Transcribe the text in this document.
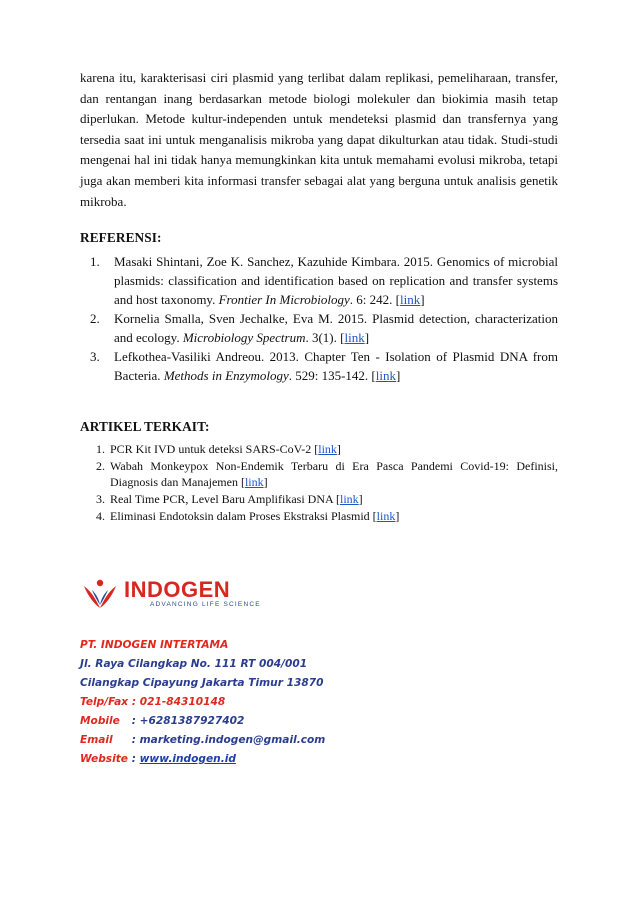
karena itu, karakterisasi ciri plasmid yang terlibat dalam replikasi, pemeliharaan, transfer, dan rentangan inang berdasarkan metode biologi molekuler dan biokimia masih tetap diperlukan. Metode kultur-independen untuk mendeteksi plasmid dan transfernya yang tersedia saat ini untuk menganalisis mikroba yang dapat dikulturkan atau tidak. Studi-studi mengenai hal ini tidak hanya memungkinkan kita untuk memahami evolusi mikroba, tetapi juga akan memberi kita informasi transfer sebagai alat yang berguna untuk analisis genetik mikroba.

REFERENSI:
1. Masaki Shintani, Zoe K. Sanchez, Kazuhide Kimbara. 2015. Genomics of microbial plasmids: classification and identification based on replication and transfer systems and host taxonomy. Frontier In Microbiology. 6: 242. [link]
2. Kornelia Smalla, Sven Jechalke, Eva M. 2015. Plasmid detection, characterization and ecology. Microbiology Spectrum. 3(1). [link]
3. Lefkothea-Vasiliki Andreou. 2013. Chapter Ten - Isolation of Plasmid DNA from Bacteria. Methods in Enzymology. 529: 135-142. [link]
ARTIKEL TERKAIT:
1. PCR Kit IVD untuk deteksi SARS-CoV-2 [link]
2. Wabah Monkeypox Non-Endemik Terbaru di Era Pasca Pandemi Covid-19: Definisi, Diagnosis dan Manajemen [link]
3. Real Time PCR, Level Baru Amplifikasi DNA [link]
4. Eliminasi Endotoksin dalam Proses Ekstraksi Plasmid [link]
INDOGEN
ADVANCING LIFE SCIENCE
PT. INDOGEN INTERTAMA
Jl. Raya Cilangkap No. 111 RT 004/001
Cilangkap Cipayung Jakarta Timur 13870
Telp/Fax : 021-84310148
Mobile : +6281387927402
Email : marketing.indogen@gmail.com
Website : www.indogen.id
